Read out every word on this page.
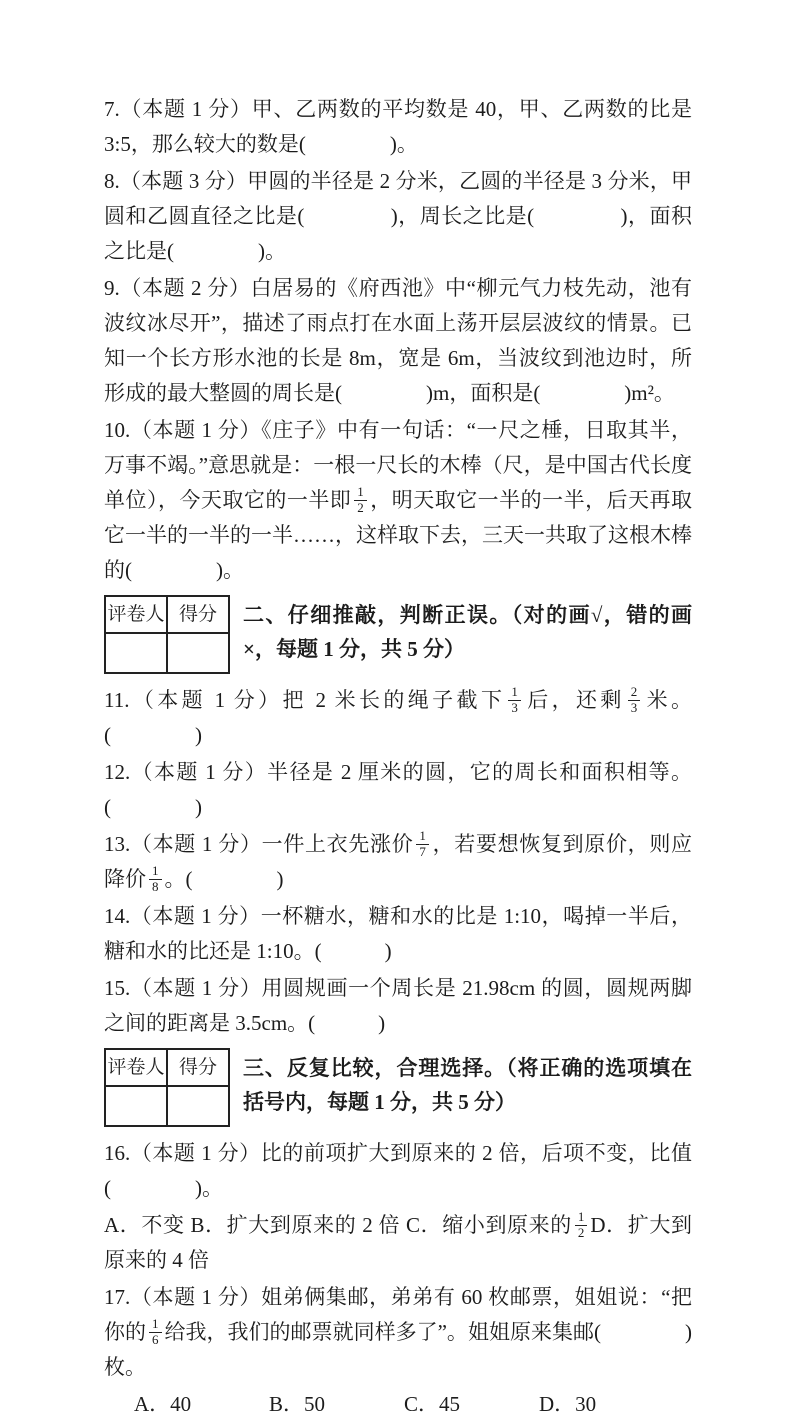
7.（本题 1 分）甲、乙两数的平均数是 40，甲、乙两数的比是 3:5，那么较大的数是(　　　　)。

8.（本题 3 分）甲圆的半径是 2 分米，乙圆的半径是 3 分米，甲圆和乙圆直径之比是(　　　　)，周长之比是(　　　　)，面积之比是(　　　　)。

9.（本题 2 分）白居易的《府西池》中“柳元气力枝先动，池有波纹冰尽开”，描述了雨点打在水面上荡开层层波纹的情景。已知一个长方形水池的长是 8m，宽是 6m，当波纹到池边时，所形成的最大整圆的周长是(　　　　)m，面积是(　　　　)m²。

10.（本题 1 分）《庄子》中有一句话：“一尺之棰，日取其半，万事不竭。”意思就是：一根一尺长的木棒（尺，是中国古代长度单位），今天取它的一半即 $\frac{1}{2}$ ，明天取它一半的一半，后天再取它一半的一半的一半……，这样取下去，三天一共取了这根木棒的(　　　　)。

评卷人	得分
	二、仔细推敲，判断正误。（对的画√，错的画×，每题 1 分，共 5 分）

11.（本题 1 分）把 2 米长的绳子截下 $\frac{1}{3}$ 后，还剩 $\frac{2}{3}$ 米。(　　　　)

12.（本题 1 分）半径是 2 厘米的圆，它的周长和面积相等。(　　　　)

13.（本题 1 分）一件上衣先涨价 $\frac{1}{7}$ ，若要想恢复到原价，则应降价 $\frac{1}{8}$ 。(　　　　)

14.（本题 1 分）一杯糖水，糖和水的比是 1:10，喝掉一半后，糖和水的比还是 1:10。(　　　)

15.（本题 1 分）用圆规画一个周长是 21.98cm 的圆，圆规两脚之间的距离是 3.5cm。(　　　)

评卷人	得分
	三、反复比较，合理选择。（将正确的选项填在括号内，每题 1 分，共 5 分）

16.（本题 1 分）比的前项扩大到原来的 2 倍，后项不变，比值(　　　　)。

A．不变 B．扩大到原来的 2 倍 C．缩小到原来的 $\frac{1}{2}$ D．扩大到原来的 4 倍

17.（本题 1 分）姐弟俩集邮，弟弟有 60 枚邮票，姐姐说：“把你的 $\frac{1}{6}$ 给我，我们的邮票就同样多了”。姐姐原来集邮(　　　　)枚。

A．40	B．50	C．45	D．30
